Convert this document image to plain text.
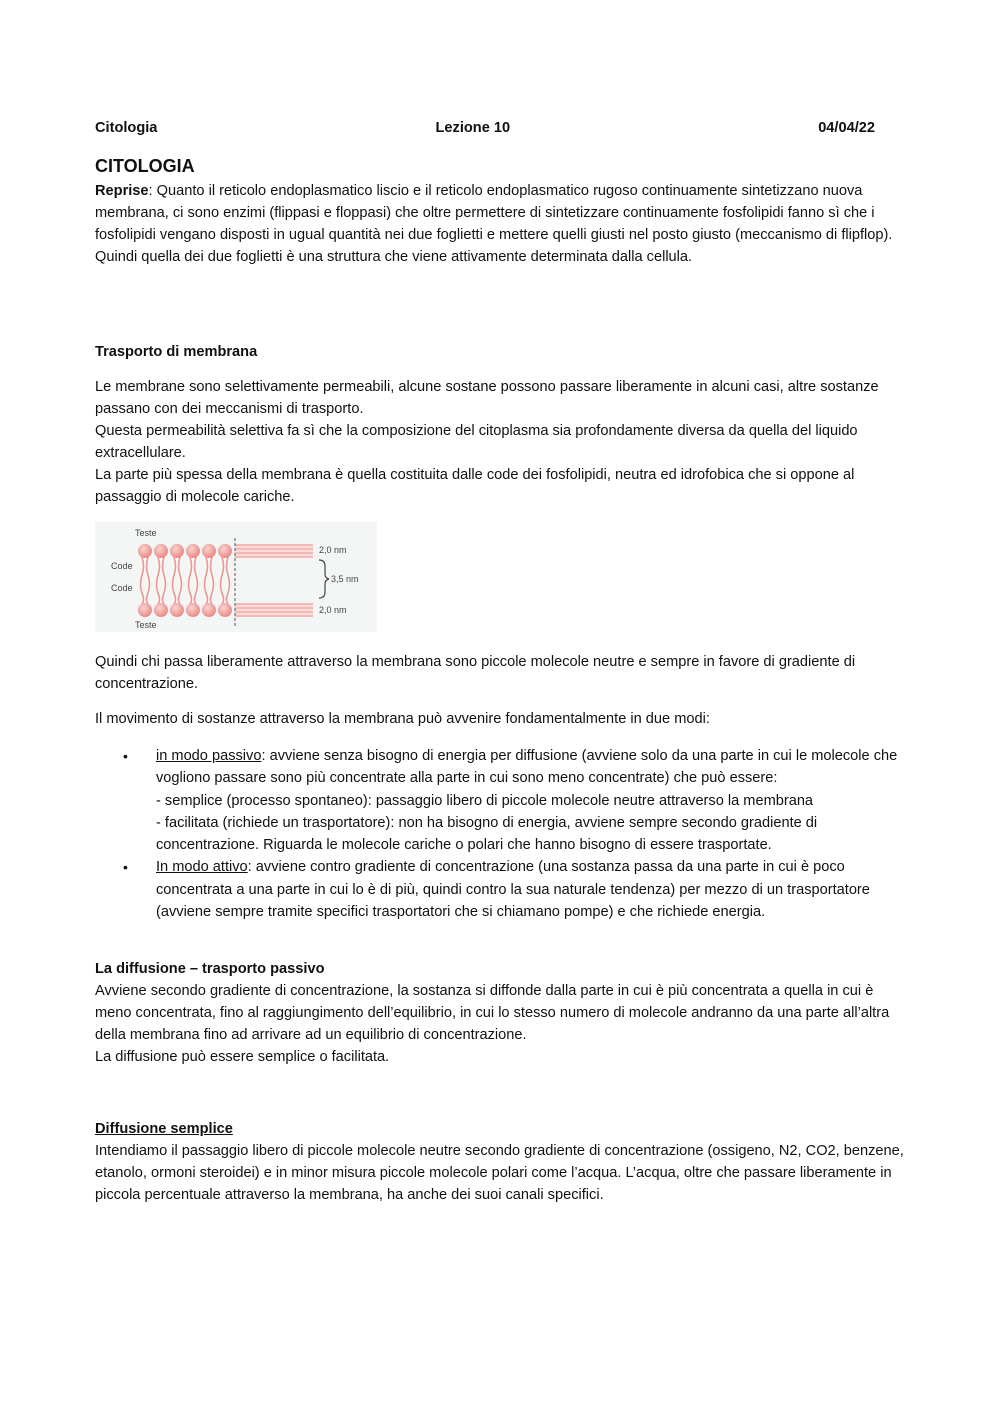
Citologia	Lezione 10	04/04/22
CITOLOGIA

Reprise: Quanto il reticolo endoplasmatico liscio e il reticolo endoplasmatico rugoso continuamente sintetizzano nuova membrana, ci sono enzimi (flippasi e floppasi) che oltre permettere di sintetizzare continuamente fosfolipidi fanno sì che i fosfolipidi vengano disposti in ugual quantità nei due foglietti e mettere quelli giusti nel posto giusto (meccanismo di flipflop). Quindi quella dei due foglietti è una struttura che viene attivamente determinata dalla cellula.

Trasporto di membrana

Le membrane sono selettivamente permeabili, alcune sostane possono passare liberamente in alcuni casi, altre sostanze passano con dei meccanismi di trasporto.

Questa permeabilità selettiva fa sì che la composizione del citoplasma sia profondamente diversa da quella del liquido extracellulare.

La parte più spessa della membrana è quella costituita dalle code dei fosfolipidi, neutra ed idrofobica che si oppone al passaggio di molecole cariche.

Teste
Code
Code
Teste
2,0 nm
3,5 nm
2,0 nm

Quindi chi passa liberamente attraverso la membrana sono piccole molecole neutre e sempre in favore di gradiente di concentrazione.

Il movimento di sostanze attraverso la membrana può avvenire fondamentalmente in due modi:

• in modo passivo: avviene senza bisogno di energia per diffusione (avviene solo da una parte in cui le molecole che vogliono passare sono più concentrate alla parte in cui sono meno concentrate) che può essere:
- semplice (processo spontaneo): passaggio libero di piccole molecole neutre attraverso la membrana
- facilitata (richiede un trasportatore): non ha bisogno di energia, avviene sempre secondo gradiente di concentrazione. Riguarda le molecole cariche o polari che hanno bisogno di essere trasportate.
• In modo attivo: avviene contro gradiente di concentrazione (una sostanza passa da una parte in cui è poco concentrata a una parte in cui lo è di più, quindi contro la sua naturale tendenza) per mezzo di un trasportatore (avviene sempre tramite specifici trasportatori che si chiamano pompe) e che richiede energia.

La diffusione – trasporto passivo

Avviene secondo gradiente di concentrazione, la sostanza si diffonde dalla parte in cui è più concentrata a quella in cui è meno concentrata, fino al raggiungimento dell’equilibrio, in cui lo stesso numero di molecole andranno da una parte all’altra della membrana fino ad arrivare ad un equilibrio di concentrazione.

La diffusione può essere semplice o facilitata.

Diffusione semplice

Intendiamo il passaggio libero di piccole molecole neutre secondo gradiente di concentrazione (ossigeno, N2, CO2, benzene, etanolo, ormoni steroidei) e in minor misura piccole molecole polari come l’acqua. L’acqua, oltre che passare liberamente in piccola percentuale attraverso la membrana, ha anche dei suoi canali specifici.
